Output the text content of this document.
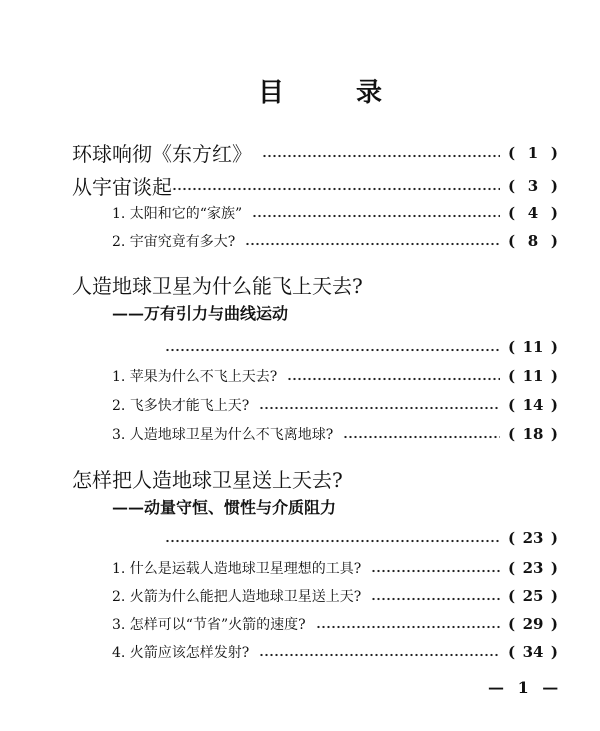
目	录
环球响彻《东方红》	( 1 )
从宇宙谈起	( 3 )
1. 太阳和它的“家族”	( 4 )
2. 宇宙究竟有多大?	( 8 )
人造地球卫星为什么能飞上天去?
——万有引力与曲线运动
( 11 )
1. 苹果为什么不飞上天去?	( 11 )
2. 飞多快才能飞上天?	( 14 )
3. 人造地球卫星为什么不飞离地球?	( 18 )
怎样把人造地球卫星送上天去?
——动量守恒、惯性与介质阻力
( 23 )
1. 什么是运载人造地球卫星理想的工具?	( 23 )
2. 火箭为什么能把人造地球卫星送上天?	( 25 )
3. 怎样可以“节省”火箭的速度?	( 29 )
4. 火箭应该怎样发射?	( 34 )
— 1 —
